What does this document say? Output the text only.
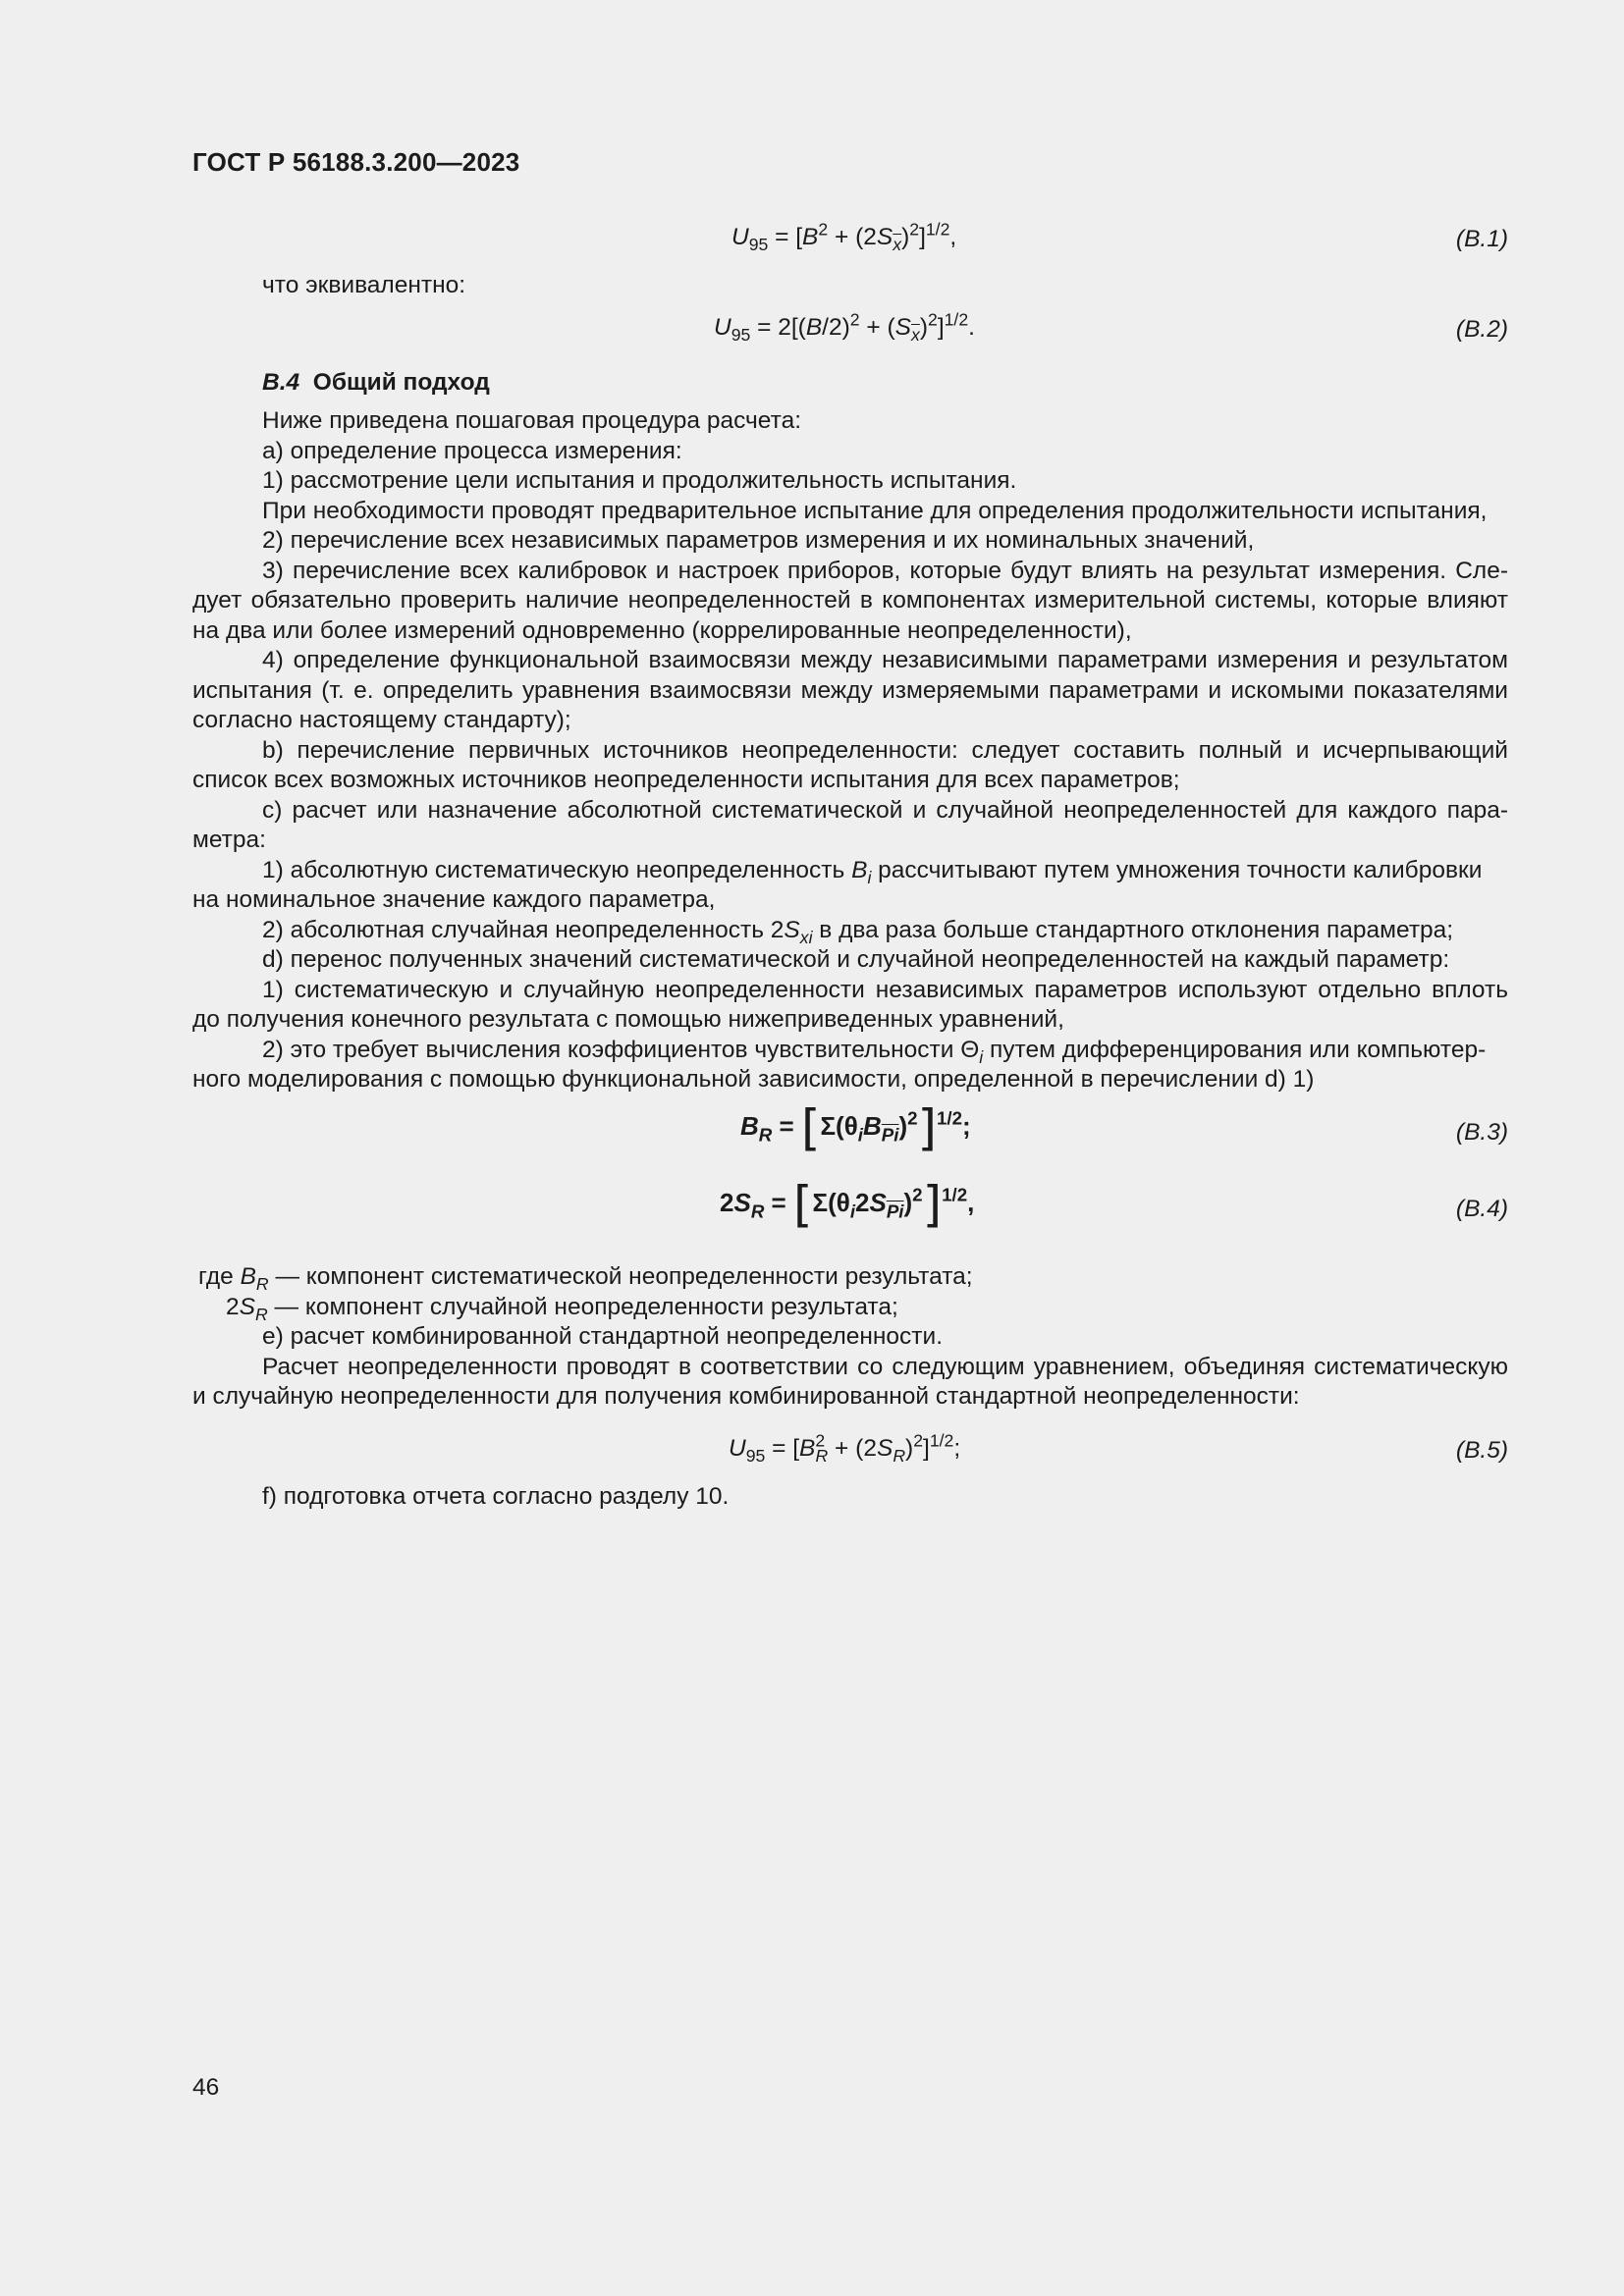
ГОСТ Р 56188.3.200—2023
$U_{95} = [B^2 + (2S_{\overline{x}})^2]^{1/2}$,	(B.1)
что эквивалентно:
$U_{95} = 2[(B/2)^2 + (S_{\overline{x}})^2]^{1/2}$.	(B.2)
B.4 Общий подход
Ниже приведена пошаговая процедура расчета:
a) определение процесса измерения:
1) рассмотрение цели испытания и продолжительность испытания.
При необходимости проводят предварительное испытание для определения продолжительности испытания,
2) перечисление всех независимых параметров измерения и их номинальных значений,
3) перечисление всех калибровок и настроек приборов, которые будут влиять на результат измерения. Сле-
дует обязательно проверить наличие неопределенностей в компонентах измерительной системы, которые влияют
на два или более измерений одновременно (коррелированные неопределенности),
4) определение функциональной взаимосвязи между независимыми параметрами измерения и результатом
испытания (т. е. определить уравнения взаимосвязи между измеряемыми параметрами и искомыми показателями
согласно настоящему стандарту);
b) перечисление первичных источников неопределенности: следует составить полный и исчерпывающий
список всех возможных источников неопределенности испытания для всех параметров;
c) расчет или назначение абсолютной систематической и случайной неопределенностей для каждого пара-
метра:
1) абсолютную систематическую неопределенность $B_i$ рассчитывают путем умножения точности калибровки
на номинальное значение каждого параметра,
2) абсолютная случайная неопределенность $2S_{xi}$ в два раза больше стандартного отклонения параметра;
d) перенос полученных значений систематической и случайной неопределенностей на каждый параметр:
1) систематическую и случайную неопределенности независимых параметров используют отдельно вплоть
до получения конечного результата с помощью нижеприведенных уравнений,
2) это требует вычисления коэффициентов чувствительности $\Theta_i$ путем дифференцирования или компьютер-
ного моделирования с помощью функциональной зависимости, определенной в перечислении d) 1)
$B_R = [\Sigma(\theta_iB_{\overline{Pi}})^2]^{1/2}$;	(B.3)
$2S_R = [\Sigma(\theta_i2S_{\overline{Pi}})^2]^{1/2}$,	(B.4)
где $B_R$ — компонент систематической неопределенности результата;
$2S_R$ — компонент случайной неопределенности результата;
e) расчет комбинированной стандартной неопределенности.
Расчет неопределенности проводят в соответствии со следующим уравнением, объединяя систематическую
и случайную неопределенности для получения комбинированной стандартной неопределенности:
$U_{95} = [B^2_R + (2S_R)^2]^{1/2}$;	(B.5)
f) подготовка отчета согласно разделу 10.
46
